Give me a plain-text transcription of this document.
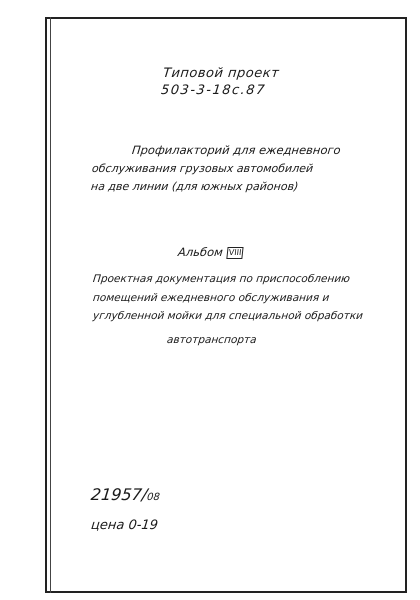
Типовой проект
503-3-18с.87
Профилакторий для ежедневного
обслуживания грузовых автомобилей
на две линии (для южных районов)
Альбом VIII
Проектная документация по приспособлению
помещений ежедневного обслуживания и
углубленной мойки для специальной обработки
автотранспорта
21957/08
цена 0-19
